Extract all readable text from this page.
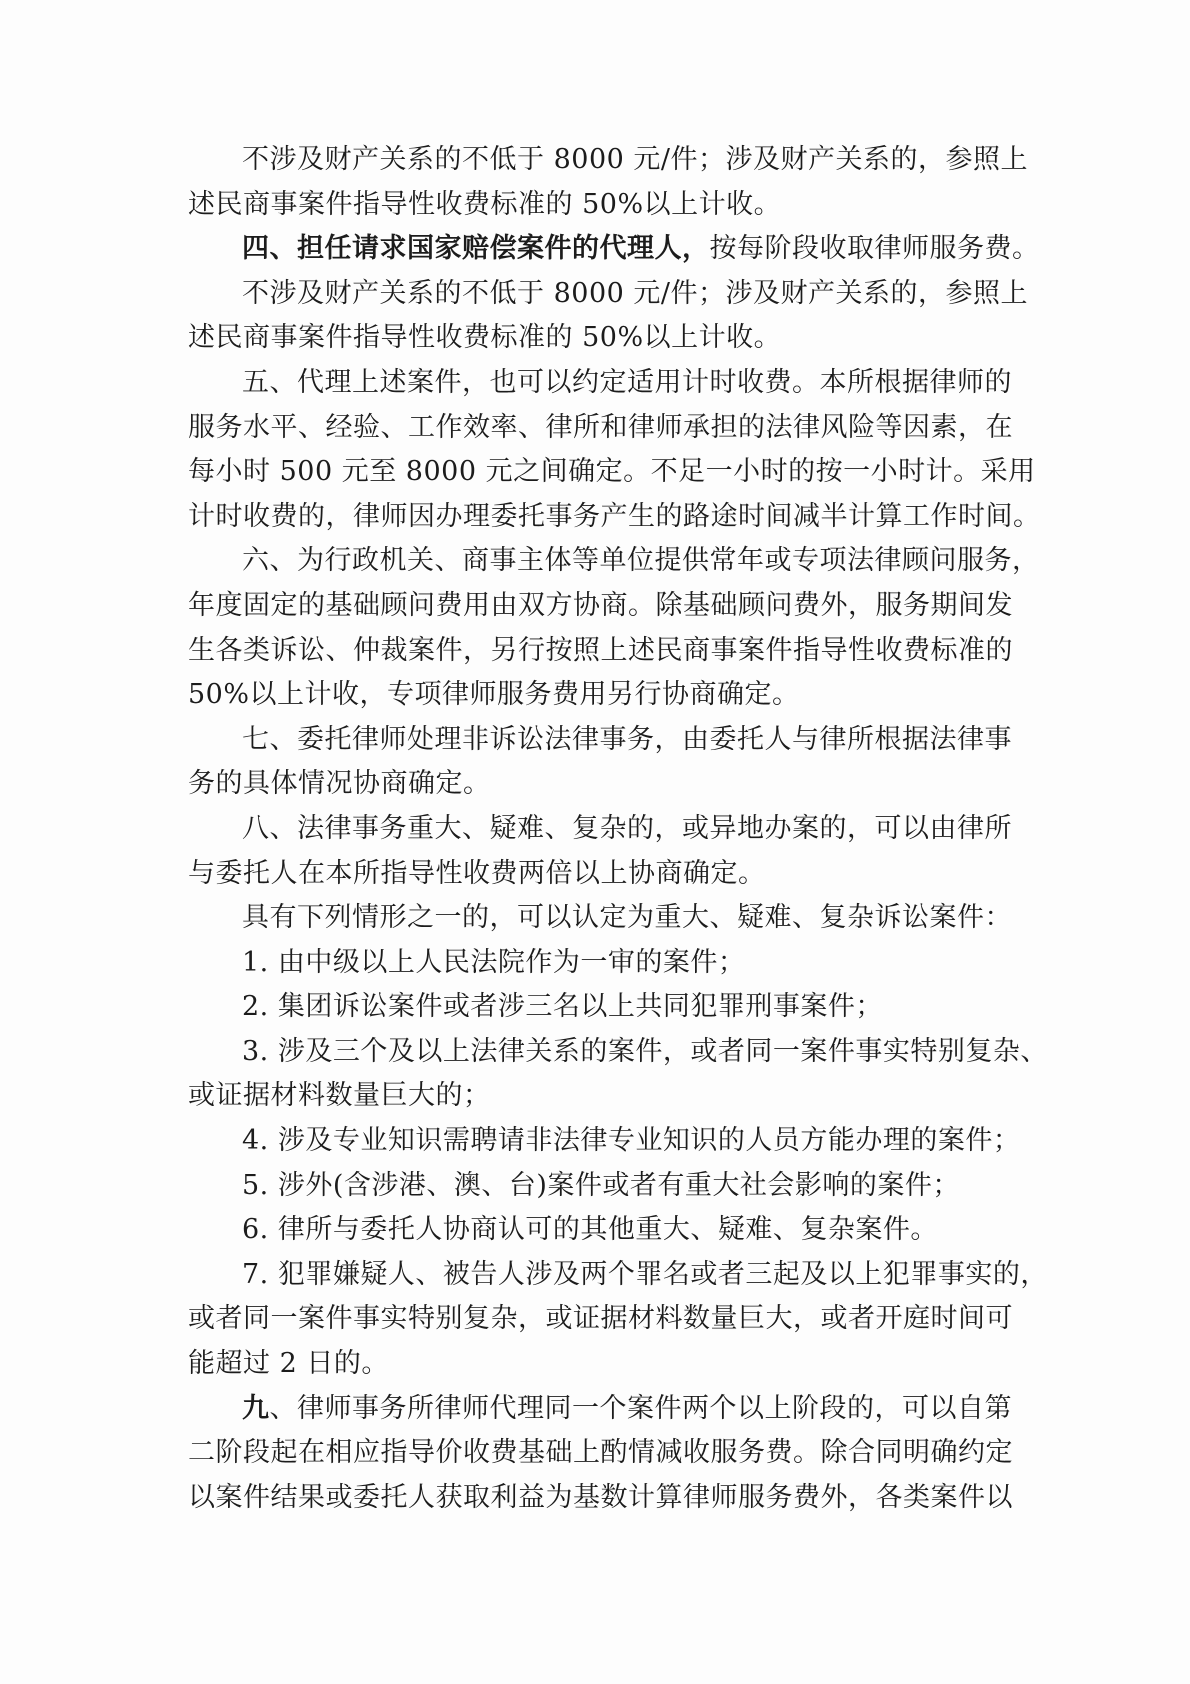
不涉及财产关系的不低于 8000 元/件；涉及财产关系的，参照上
述民商事案件指导性收费标准的 50%以上计收。
四、担任请求国家赔偿案件的代理人，按每阶段收取律师服务费。
不涉及财产关系的不低于 8000 元/件；涉及财产关系的，参照上
述民商事案件指导性收费标准的 50%以上计收。
五、代理上述案件，也可以约定适用计时收费。本所根据律师的
服务水平、经验、工作效率、律所和律师承担的法律风险等因素，在
每小时 500 元至 8000 元之间确定。不足一小时的按一小时计。采用
计时收费的，律师因办理委托事务产生的路途时间减半计算工作时间。
六、为行政机关、商事主体等单位提供常年或专项法律顾问服务，
年度固定的基础顾问费用由双方协商。除基础顾问费外，服务期间发
生各类诉讼、仲裁案件，另行按照上述民商事案件指导性收费标准的
50%以上计收，专项律师服务费用另行协商确定。
七、委托律师处理非诉讼法律事务，由委托人与律所根据法律事
务的具体情况协商确定。
八、法律事务重大、疑难、复杂的，或异地办案的，可以由律所
与委托人在本所指导性收费两倍以上协商确定。
具有下列情形之一的，可以认定为重大、疑难、复杂诉讼案件：
1. 由中级以上人民法院作为一审的案件；
2. 集团诉讼案件或者涉三名以上共同犯罪刑事案件；
3. 涉及三个及以上法律关系的案件，或者同一案件事实特别复杂、
或证据材料数量巨大的；
4. 涉及专业知识需聘请非法律专业知识的人员方能办理的案件；
5. 涉外(含涉港、澳、台)案件或者有重大社会影响的案件；
6. 律所与委托人协商认可的其他重大、疑难、复杂案件。
7. 犯罪嫌疑人、被告人涉及两个罪名或者三起及以上犯罪事实的，
或者同一案件事实特别复杂，或证据材料数量巨大，或者开庭时间可
能超过 2 日的。
九、律师事务所律师代理同一个案件两个以上阶段的，可以自第
二阶段起在相应指导价收费基础上酌情减收服务费。除合同明确约定
以案件结果或委托人获取利益为基数计算律师服务费外，各类案件以
